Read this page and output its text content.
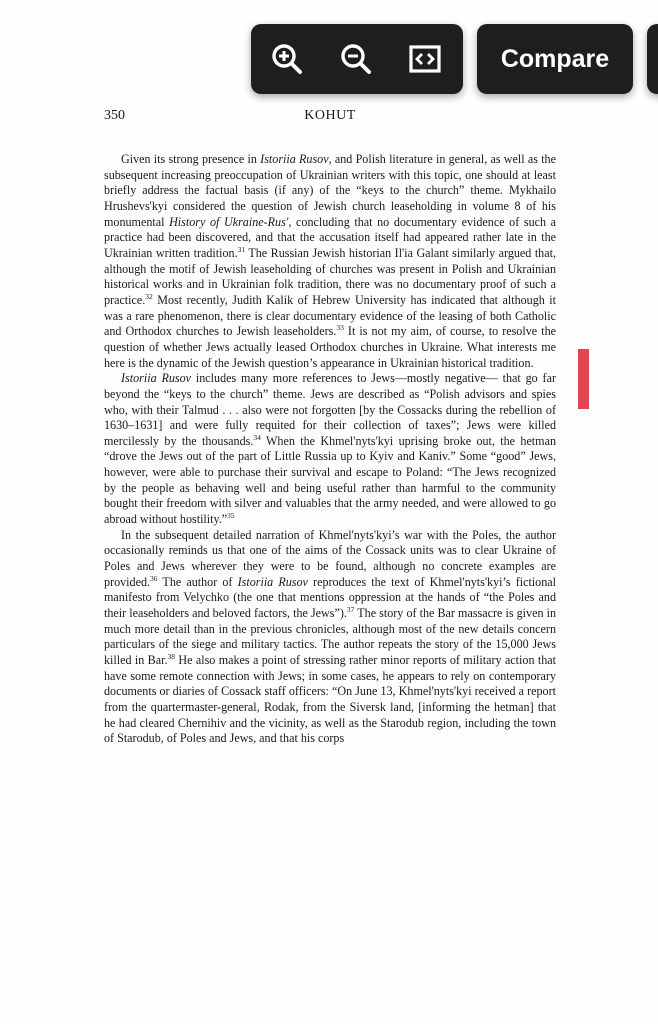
350	KOHUT

Given its strong presence in Istoriia Rusov, and Polish literature in general, as well as the subsequent increasing preoccupation of Ukrainian writers with this topic, one should at least briefly address the factual basis (if any) of the “keys to the church” theme. Mykhailo Hrushevs'kyi considered the question of Jewish church leaseholding in volume 8 of his monumental History of Ukraine-Rus', concluding that no documentary evidence of such a practice had been discovered, and that the accusation itself had appeared rather late in the Ukrainian written tradition.$^{31}$ The Russian Jewish historian Il'ia Galant similarly argued that, although the motif of Jewish leaseholding of churches was present in Polish and Ukrainian historical works and in Ukrainian folk tradition, there was no documentary proof of such a practice.$^{32}$ Most recently, Judith Kalik of Hebrew University has indicated that although it was a rare phenomenon, there is clear documentary evidence of the leasing of both Catholic and Orthodox churches to Jewish leaseholders.$^{33}$ It is not my aim, of course, to resolve the question of whether Jews actually leased Orthodox churches in Ukraine. What interests me here is the dynamic of the Jewish question’s appearance in Ukrainian historical tradition.

Istoriia Rusov includes many more references to Jews—mostly negative— that go far beyond the “keys to the church” theme. Jews are described as “Polish advisors and spies who, with their Talmud . . . also were not forgotten [by the Cossacks during the rebellion of 1630–1631] and were fully requited for their collection of taxes”; Jews were killed mercilessly by the thousands.$^{34}$ When the Khmel'nyts'kyi uprising broke out, the hetman “drove the Jews out of the part of Little Russia up to Kyiv and Kaniv.” Some “good” Jews, however, were able to purchase their survival and escape to Poland: “The Jews recognized by the people as behaving well and being useful rather than harmful to the community bought their freedom with silver and valuables that the army needed, and were allowed to go abroad without hostility.”$^{35}$

In the subsequent detailed narration of Khmel'nyts'kyi’s war with the Poles, the author occasionally reminds us that one of the aims of the Cossack units was to clear Ukraine of Poles and Jews wherever they were to be found, although no concrete examples are provided.$^{36}$ The author of Istoriia Rusov reproduces the text of Khmel'nyts'kyi’s fictional manifesto from Velychko (the one that mentions oppression at the hands of “the Poles and their leaseholders and beloved factors, the Jews”).$^{37}$ The story of the Bar massacre is given in much more detail than in the previous chronicles, although most of the new details concern particulars of the siege and military tactics. The author repeats the story of the 15,000 Jews killed in Bar.$^{38}$ He also makes a point of stressing rather minor reports of military action that have some remote connection with Jews; in some cases, he appears to rely on contemporary documents or diaries of Cossack staff officers: “On June 13, Khmel'nyts'kyi received a report from the quartermaster-general, Rodak, from the Siversk land, [informing the hetman] that he had cleared Chernihiv and the vicinity, as well as the Starodub region, including the town of Starodub, of Poles and Jews, and that his corps

Compare
